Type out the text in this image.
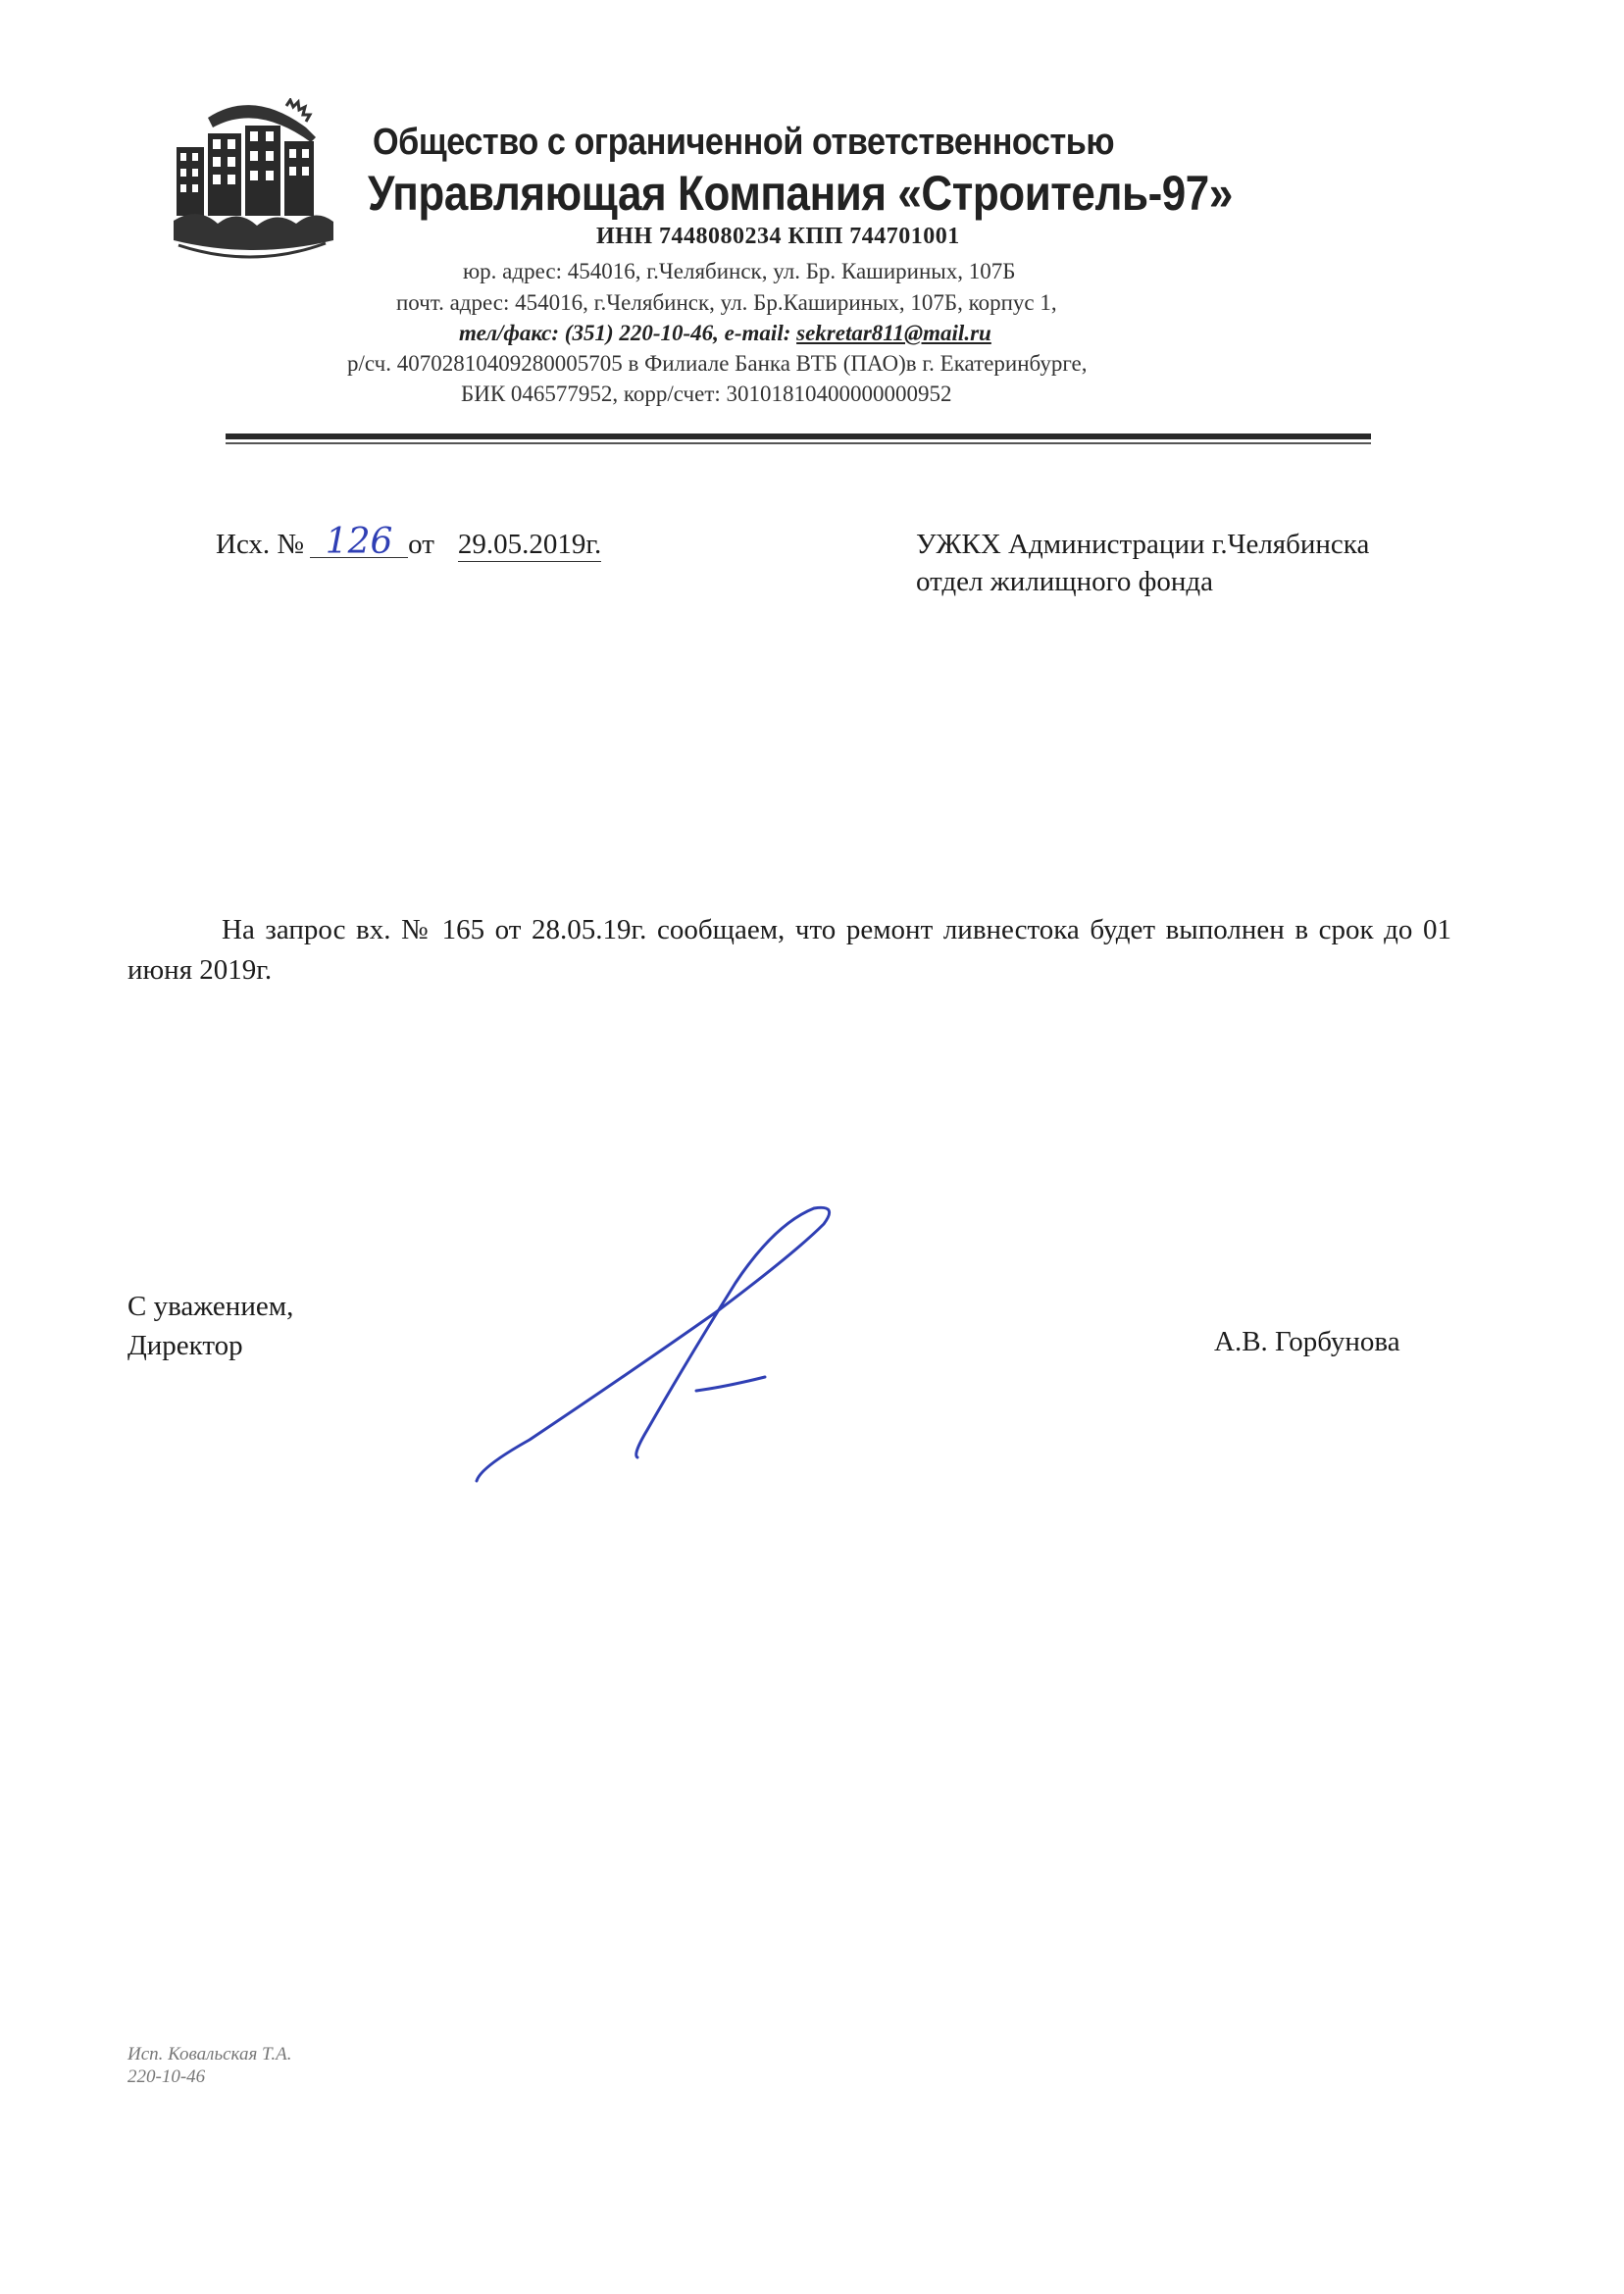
Общество с ограниченной ответственностью
Управляющая Компания «Строитель-97»
ИНН 7448080234 КПП 744701001
юр. адрес: 454016, г.Челябинск, ул. Бр. Кашириных, 107Б
почт. адрес: 454016, г.Челябинск, ул. Бр.Кашириных, 107Б, корпус 1,
тел/факс: (351) 220-10-46, e-mail: sekretar811@mail.ru
р/сч. 40702810409280005705 в Филиале Банка ВТБ (ПАО)в г. Екатеринбурге,
БИК 046577952, корр/счет: 30101810400000000952
Исх. № 126 от 29.05.2019г.	УЖКХ Администрации г.Челябинска
отдел жилищного фонда
На запрос вх. № 165 от 28.05.19г. сообщаем, что ремонт ливнестока будет выполнен в срок до 01 июня 2019г.
С уважением,
Директор	А.В. Горбунова
Исп. Ковальская Т.А.
220-10-46
